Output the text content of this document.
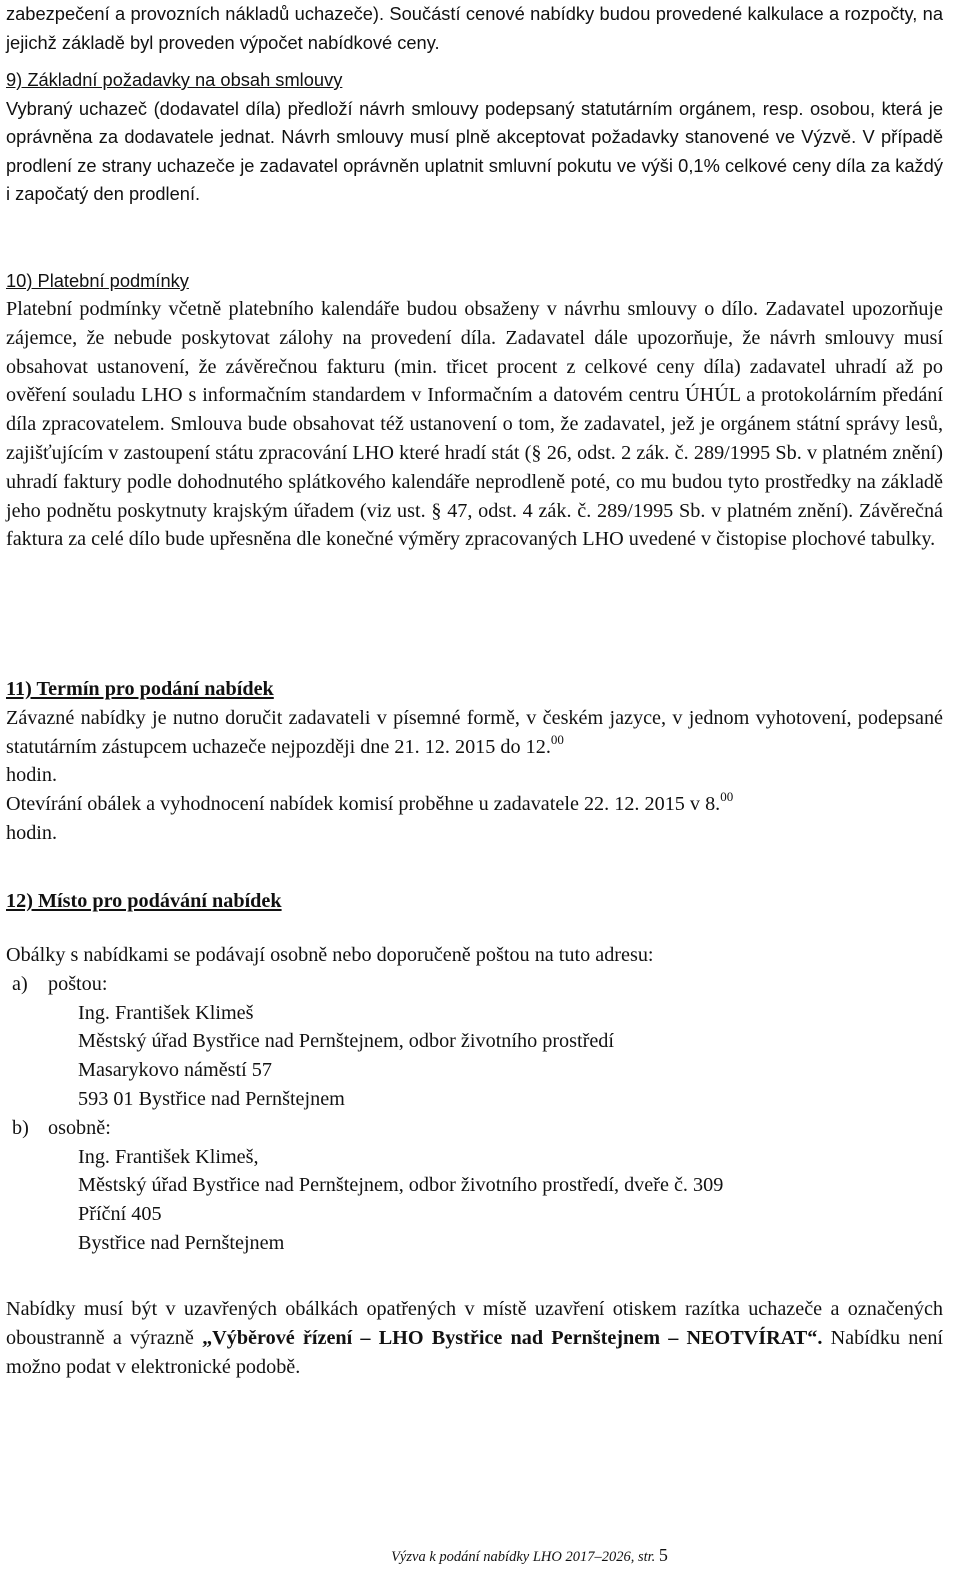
zabezpečení a provozních nákladů uchazeče). Součástí cenové nabídky budou provedené kalkulace a rozpočty, na jejichž základě byl proveden výpočet nabídkové ceny.

9) Základní požadavky na obsah smlouvy

Vybraný uchazeč (dodavatel díla) předloží návrh smlouvy podepsaný statutárním orgánem, resp. osobou, která je oprávněna za dodavatele jednat. Návrh smlouvy musí plně akceptovat požadavky stanovené ve Výzvě. V případě prodlení ze strany uchazeče je zadavatel oprávněn uplatnit smluvní pokutu ve výši 0,1% celkové ceny díla za každý i započatý den prodlení.

10) Platební podmínky

Platební podmínky včetně platebního kalendáře budou obsaženy v návrhu smlouvy o dílo. Zadavatel upozorňuje zájemce, že nebude poskytovat zálohy na provedení díla. Zadavatel dále upozorňuje, že návrh smlouvy musí obsahovat ustanovení, že závěrečnou fakturu (min. třicet procent z celkové ceny díla) zadavatel uhradí až po ověření souladu LHO s informačním standardem v Informačním a datovém centru ÚHÚL a protokolárním předání díla zpracovatelem. Smlouva bude obsahovat též ustanovení o tom, že zadavatel, jež je orgánem státní správy lesů, zajišťujícím v zastoupení státu zpracování LHO které hradí stát (§ 26, odst. 2 zák. č. 289/1995 Sb. v platném znění) uhradí faktury podle dohodnutého splátkového kalendáře neprodleně poté, co mu budou tyto prostředky na základě jeho podnětu poskytnuty krajským úřadem (viz ust. § 47, odst. 4 zák. č. 289/1995 Sb. v platném znění). Závěrečná faktura za celé dílo bude upřesněna dle konečné výměry zpracovaných LHO uvedené v čistopise plochové tabulky.

11) Termín pro podání nabídek

Závazné nabídky je nutno doručit zadavateli v písemné formě, v českém jazyce, v jednom vyhotovení, podepsané statutárním zástupcem uchazeče nejpozději dne 21. 12. 2015 do 12.00

hodin.

Otevírání obálek a vyhodnocení nabídek komisí proběhne u zadavatele 22. 12. 2015 v 8.00

hodin.

12) Místo pro podávání nabídek

Obálky s nabídkami se podávají osobně nebo doporučeně poštou na tuto adresu:

a) poštou:
Ing. František Klimeš
Městský úřad Bystřice nad Pernštejnem, odbor životního prostředí
Masarykovo náměstí 57
593 01 Bystřice nad Pernštejnem
b) osobně:
Ing. František Klimeš,
Městský úřad Bystřice nad Pernštejnem, odbor životního prostředí, dveře č. 309
Příční 405
Bystřice nad Pernštejnem

Nabídky musí být v uzavřených obálkách opatřených v místě uzavření otiskem razítka uchazeče a označených oboustranně a výrazně „Výběrové řízení – LHO Bystřice nad Pernštejnem – NEOTVÍRAT“. Nabídku není možno podat v elektronické podobě.

Výzva k podání nabídky LHO 2017–2026, str. 5
